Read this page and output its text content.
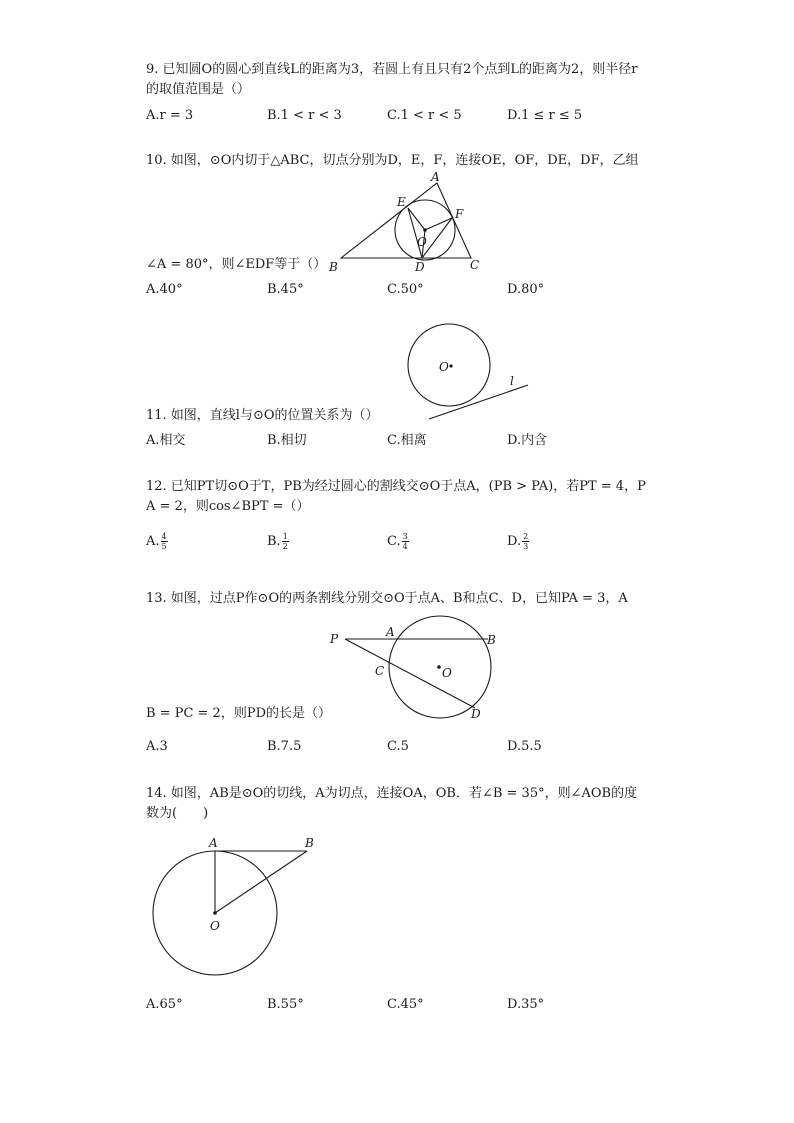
9. 已知圆O的圆心到直线L的距离为3，若圆上有且只有2个点到L的距离为2，则半径r
的取值范围是（）
A.r = 3	B.1 < r < 3	C.1 < r < 5	D.1 ≤ r ≤ 5
10. 如图，⊙O内切于△ABC，切点分别为D，E，F，连接OE，OF，DE，DF，乙组
A
E
F
O
B	D	C
∠A = 80°，则∠EDF等于（）
A.40°	B.45°	C.50°	D.80°
O
l
11. 如图，直线l与⊙O的位置关系为（）
A.相交	B.相切	C.相离	D.内含
12. 已知PT切⊙O于T，PB为经过圆心的割线交⊙O于点A，(PB > PA)，若PT = 4，P
A = 2，则cos∠BPT =（）
A. $\frac{4}{5}$	B. $\frac{1}{2}$	C. $\frac{3}{4}$	D. $\frac{2}{3}$
13. 如图，过点P作⊙O的两条割线分别交⊙O于点A、B和点C、D，已知PA = 3，A
P	A
B
C	O
D
B = PC = 2，则PD的长是（）
A.3	B.7.5	C.5	D.5.5
14. 如图，AB是⊙O的切线，A为切点，连接OA，OB．若∠B = 35°，则∠AOB的度
数为(　　)
A	B
O
A.65°	B.55°	C.45°	D.35°
